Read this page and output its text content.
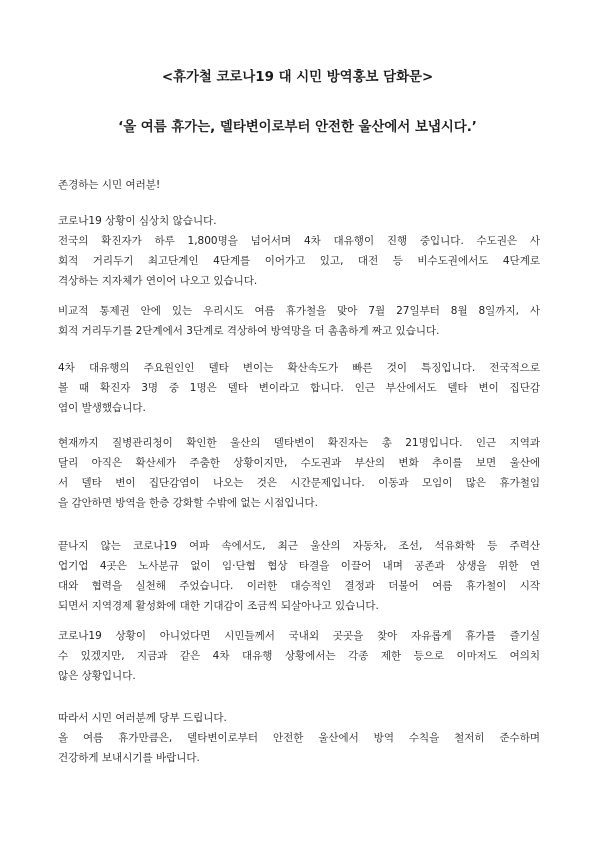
<휴가철 코로나19 대 시민 방역홍보 담화문>
‘올 여름 휴가는, 델타변이로부터 안전한 울산에서 보냅시다.’
존경하는 시민 여러분!
코로나19 상황이 심상치 않습니다.
전국의 확진자가 하루 1,800명을 넘어서며 4차 대유행이 진행 중입니다. 수도권은 사
회적 거리두기 최고단계인 4단계를 이어가고 있고, 대전 등 비수도권에서도 4단계로
격상하는 지자체가 연이어 나오고 있습니다.
비교적 통제권 안에 있는 우리시도 여름 휴가철을 맞아 7월 27일부터 8월 8일까지, 사
회적 거리두기를 2단계에서 3단계로 격상하여 방역망을 더 촘촘하게 짜고 있습니다.
4차 대유행의 주요원인인 델타 변이는 확산속도가 빠른 것이 특징입니다. 전국적으로
볼 때 확진자 3명 중 1명은 델타 변이라고 합니다. 인근 부산에서도 델타 변이 집단감
염이 발생했습니다.
현재까지 질병관리청이 확인한 울산의 델타변이 확진자는 총 21명입니다. 인근 지역과
달리 아직은 확산세가 주춤한 상황이지만, 수도권과 부산의 변화 추이를 보면 울산에
서 델타 변이 집단감염이 나오는 것은 시간문제입니다. 이동과 모임이 많은 휴가철임
을 감안하면 방역을 한층 강화할 수밖에 없는 시점입니다.
끝나지 않는 코로나19 여파 속에서도, 최근 울산의 자동차, 조선, 석유화학 등 주력산
업기업 4곳은 노사분규 없이 임·단협 협상 타결을 이끌어 내며 공존과 상생을 위한 연
대와 협력을 실천해 주었습니다. 이러한 대승적인 결정과 더불어 여름 휴가철이 시작
되면서 지역경제 활성화에 대한 기대감이 조금씩 되살아나고 있습니다.
코로나19 상황이 아니었다면 시민들께서 국내외 곳곳을 찾아 자유롭게 휴가를 즐기실
수 있겠지만, 지금과 같은 4차 대유행 상황에서는 각종 제한 등으로 이마저도 여의치
않은 상황입니다.
따라서 시민 여러분께 당부 드립니다.
올 여름 휴가만큼은, 델타변이로부터 안전한 울산에서 방역 수칙을 철저히 준수하며
건강하게 보내시기를 바랍니다.
